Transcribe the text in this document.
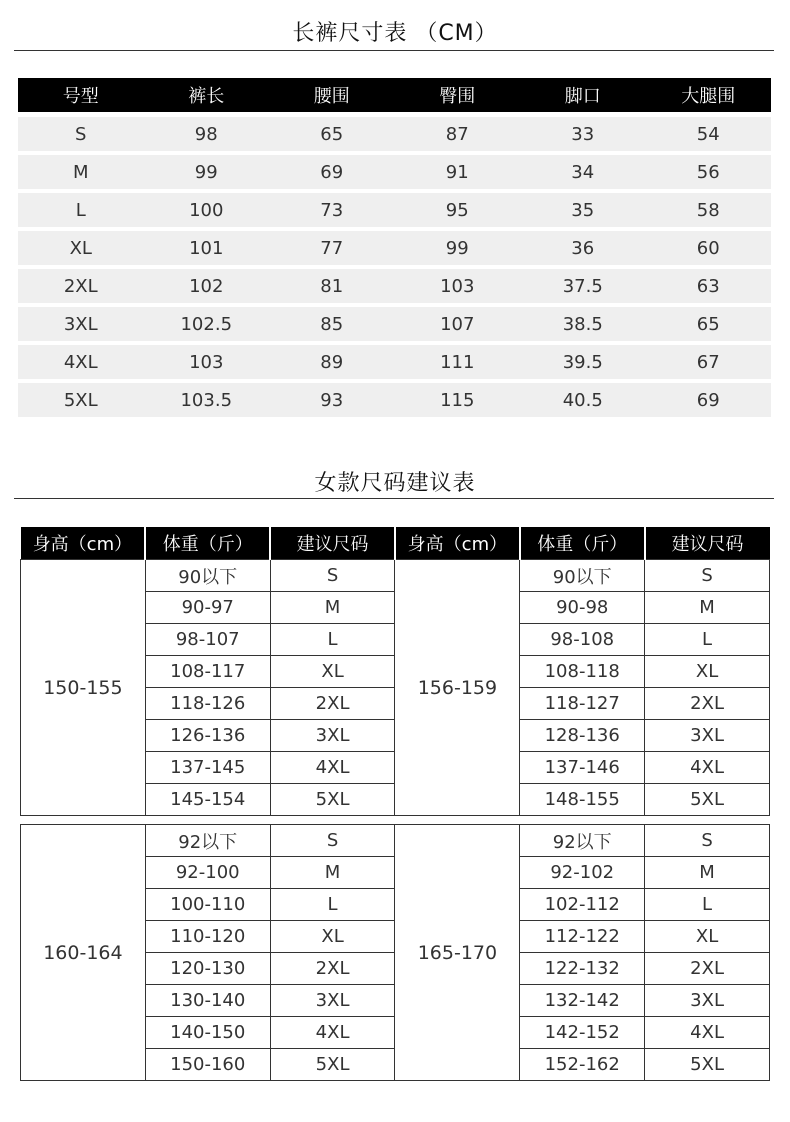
长裤尺寸表 （CM）
号型	裤长	腰围	臀围	脚口	大腿围
S	98	65	87	33	54
M	99	69	91	34	56
L	100	73	95	35	58
XL	101	77	99	36	60
2XL	102	81	103	37.5	63
3XL	102.5	85	107	38.5	65
4XL	103	89	111	39.5	67
5XL	103.5	93	115	40.5	69
女款尺码建议表
身高（cm）	体重（斤）	建议尺码	身高（cm）	体重（斤）	建议尺码
150-155	90以下	S	156-159	90以下	S
	90-97	M		90-98	M
	98-107	L		98-108	L
	108-117	XL		108-118	XL
	118-126	2XL		118-127	2XL
	126-136	3XL		128-136	3XL
	137-145	4XL		137-146	4XL
	145-154	5XL		148-155	5XL
160-164	92以下	S	165-170	92以下	S
	92-100	M		92-102	M
	100-110	L		102-112	L
	110-120	XL		112-122	XL
	120-130	2XL		122-132	2XL
	130-140	3XL		132-142	3XL
	140-150	4XL		142-152	4XL
	150-160	5XL		152-162	5XL
